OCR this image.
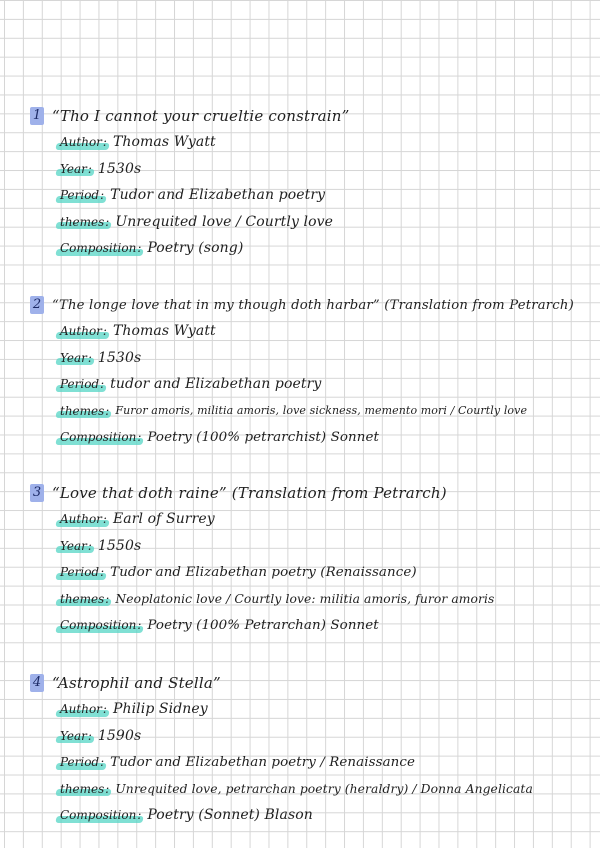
1 “Tho I cannot your crueltie constrain”
Author : Thomas Wyatt
Year : 1530s
Period : Tudor and Elizabethan poetry
themes : Unrequited love / Courtly love
Composition : Poetry (song)
2 “The longe love that in my though doth harbar” (Translation from Petrarch)
Author : Thomas Wyatt
Year : 1530s
Period : tudor and Elizabethan poetry
themes :	Furor amoris, militia amoris, love sickness, memento mori / Courtly love
Composition : Poetry (100% petrarchist) Sonnet
3 “Love that doth raine” (Translation from Petrarch)
Author : Earl of Surrey
Year : 1550s
Period : Tudor and Elizabethan poetry (Renaissance)
themes : Neoplatonic love / Courtly love: militia amoris, furor amoris
Composition : Poetry (100% Petrarchan) Sonnet
4 “Astrophil and Stella”
Author : Philip Sidney
Year : 1590s
Period : Tudor and Elizabethan poetry / Renaissance
themes : Unrequited love, petrarchan poetry (heraldry) / Donna Angelicata
Composition : Poetry (Sonnet) Blason
